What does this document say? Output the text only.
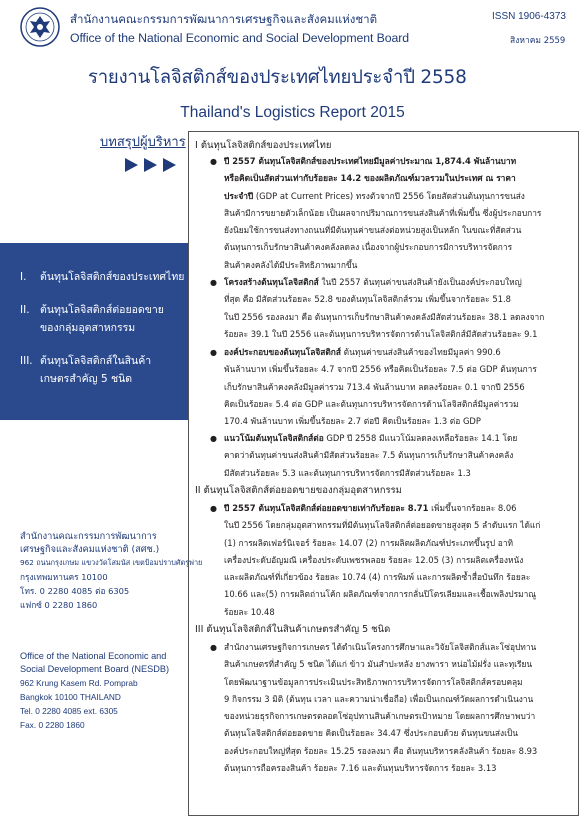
สำนักงานคณะกรรมการพัฒนาการเศรษฐกิจและสังคมแห่งชาติ
Office of the National Economic and Social Development Board
ISSN 1906-4373
สิงหาคม 2559
รายงานโลจิสติกส์ของประเทศไทยประจำปี 2558
Thailand's Logistics Report 2015
บทสรุปผู้บริหาร
I.	ต้นทุนโลจิสติกส์ของประเทศไทย
II. ต้นทุนโลจิสติกส์ต่อยอดขาย
ของกลุ่มอุตสาหกรรม
III. ต้นทุนโลจิสติกส์ในสินค้า
เกษตรสำคัญ 5 ชนิด
สำนักงานคณะกรรมการพัฒนาการ
เศรษฐกิจและสังคมแห่งชาติ (สศช.)
962 ถนนกรุงเกษม แขวงวัดโสมนัส เขตป้อมปราบศัตรูพ่าย
กรุงเทพมหานคร 10100
โทร. 0 2280 4085 ต่อ 6305
แฟกซ์ 0 2280 1860
Office of the National Economic and
Social Development Board (NESDB)
962 Krung Kasem Rd. Pomprab
Bangkok 10100 THAILAND
Tel. 0 2280 4085 ext. 6305
Fax. 0 2280 1860
I ต้นทุนโลจิสติกส์ของประเทศไทย
● ปี 2557 ต้นทุนโลจิสติกส์ของประเทศไทยมีมูลค่าประมาณ 1,874.4 พันล้านบาท
หรือคิดเป็นสัดส่วนเท่ากับร้อยละ 14.2 ของผลิตภัณฑ์มวลรวมในประเทศ ณ ราคา
ประจำปี (GDP at Current Prices) ทรงตัวจากปี 2556 โดยสัดส่วนต้นทุนการขนส่ง
สินค้ามีการขยายตัวเล็กน้อย เป็นผลจากปริมาณการขนส่งสินค้าที่เพิ่มขึ้น ซึ่งผู้ประกอบการ
ยังนิยมใช้การขนส่งทางถนนที่มีต้นทุนค่าขนส่งต่อหน่วยสูงเป็นหลัก ในขณะที่สัดส่วน
ต้นทุนการเก็บรักษาสินค้าคงคลังลดลง เนื่องจากผู้ประกอบการมีการบริหารจัดการ
สินค้าคงคลังได้มีประสิทธิภาพมากขึ้น
● โครงสร้างต้นทุนโลจิสติกส์ ในปี 2557 ต้นทุนค่าขนส่งสินค้ายังเป็นองค์ประกอบใหญ่
ที่สุด คือ มีสัดส่วนร้อยละ 52.8 ของต้นทุนโลจิสติกส์รวม เพิ่มขึ้นจากร้อยละ 51.8
ในปี 2556 รองลงมา คือ ต้นทุนการเก็บรักษาสินค้าคงคลังมีสัดส่วนร้อยละ 38.1 ลดลงจาก
ร้อยละ 39.1 ในปี 2556 และต้นทุนการบริหารจัดการด้านโลจิสติกส์มีสัดส่วนร้อยละ 9.1
● องค์ประกอบของต้นทุนโลจิสติกส์ ต้นทุนค่าขนส่งสินค้าของไทยมีมูลค่า 990.6
พันล้านบาท เพิ่มขึ้นร้อยละ 4.7 จากปี 2556 หรือคิดเป็นร้อยละ 7.5 ต่อ GDP ต้นทุนการ
เก็บรักษาสินค้าคงคลังมีมูลค่ารวม 713.4 พันล้านบาท ลดลงร้อยละ 0.1 จากปี 2556
คิดเป็นร้อยละ 5.4 ต่อ GDP และต้นทุนการบริหารจัดการด้านโลจิสติกส์มีมูลค่ารวม
170.4 พันล้านบาท เพิ่มขึ้นร้อยละ 2.7 ต่อปี คิดเป็นร้อยละ 1.3 ต่อ GDP
● แนวโน้มต้นทุนโลจิสติกส์ต่อ GDP ปี 2558 มีแนวโน้มลดลงเหลือร้อยละ 14.1 โดย
คาดว่าต้นทุนค่าขนส่งสินค้ามีสัดส่วนร้อยละ 7.5 ต้นทุนการเก็บรักษาสินค้าคงคลัง
มีสัดส่วนร้อยละ 5.3 และต้นทุนการบริหารจัดการมีสัดส่วนร้อยละ 1.3
II ต้นทุนโลจิสติกส์ต่อยอดขายของกลุ่มอุตสาหกรรม
● ปี 2557 ต้นทุนโลจิสติกส์ต่อยอดขายเท่ากับร้อยละ 8.71 เพิ่มขึ้นจากร้อยละ 8.06
ในปี 2556 โดยกลุ่มอุตสาหกรรมที่มีต้นทุนโลจิสติกส์ต่อยอดขายสูงสุด 5 ลำดับแรก ได้แก่
(1) การผลิตเฟอร์นิเจอร์ ร้อยละ 14.07 (2) การผลิตผลิตภัณฑ์ประเภทขึ้นรูป อาทิ
เครื่องประดับอัญมณี เครื่องประดับเพชรพลอย ร้อยละ 12.05 (3) การผลิตเครื่องหนัง
และผลิตภัณฑ์ที่เกี่ยวข้อง ร้อยละ 10.74 (4) การพิมพ์ และการผลิตซ้ำสื่อบันทึก ร้อยละ
10.66 และ(5) การผลิตถ่านโค้ก ผลิตภัณฑ์จากการกลั่นปิโตรเลียมและเชื้อเพลิงปรมาณู
ร้อยละ 10.48
III ต้นทุนโลจิสติกส์ในสินค้าเกษตรสำคัญ 5 ชนิด
● สำนักงานเศรษฐกิจการเกษตร ได้ดำเนินโครงการศึกษาและวิจัยโลจิสติกส์และโซ่อุปทาน
สินค้าเกษตรที่สำคัญ 5 ชนิด ได้แก่ ข้าว มันสำปะหลัง ยางพารา หน่อไม้ฝรั่ง และทุเรียน
โดยพัฒนาฐานข้อมูลการประเมินประสิทธิภาพการบริหารจัดการโลจิสติกส์ครอบคลุม
9 กิจกรรม 3 มิติ (ต้นทุน เวลา และความน่าเชื่อถือ) เพื่อเป็นเกณฑ์วัดผลการดำเนินงาน
ของหน่วยธุรกิจการเกษตรตลอดโซ่อุปทานสินค้าเกษตรเป้าหมาย โดยผลการศึกษาพบว่า
ต้นทุนโลจิสติกส์ต่อยอดขาย คิดเป็นร้อยละ 34.47 ซึ่งประกอบด้วย ต้นทุนขนส่งเป็น
องค์ประกอบใหญ่ที่สุด ร้อยละ 15.25 รองลงมา คือ ต้นทุนบริหารคลังสินค้า ร้อยละ 8.93
ต้นทุนการถือครองสินค้า ร้อยละ 7.16 และต้นทุนบริหารจัดการ ร้อยละ 3.13
